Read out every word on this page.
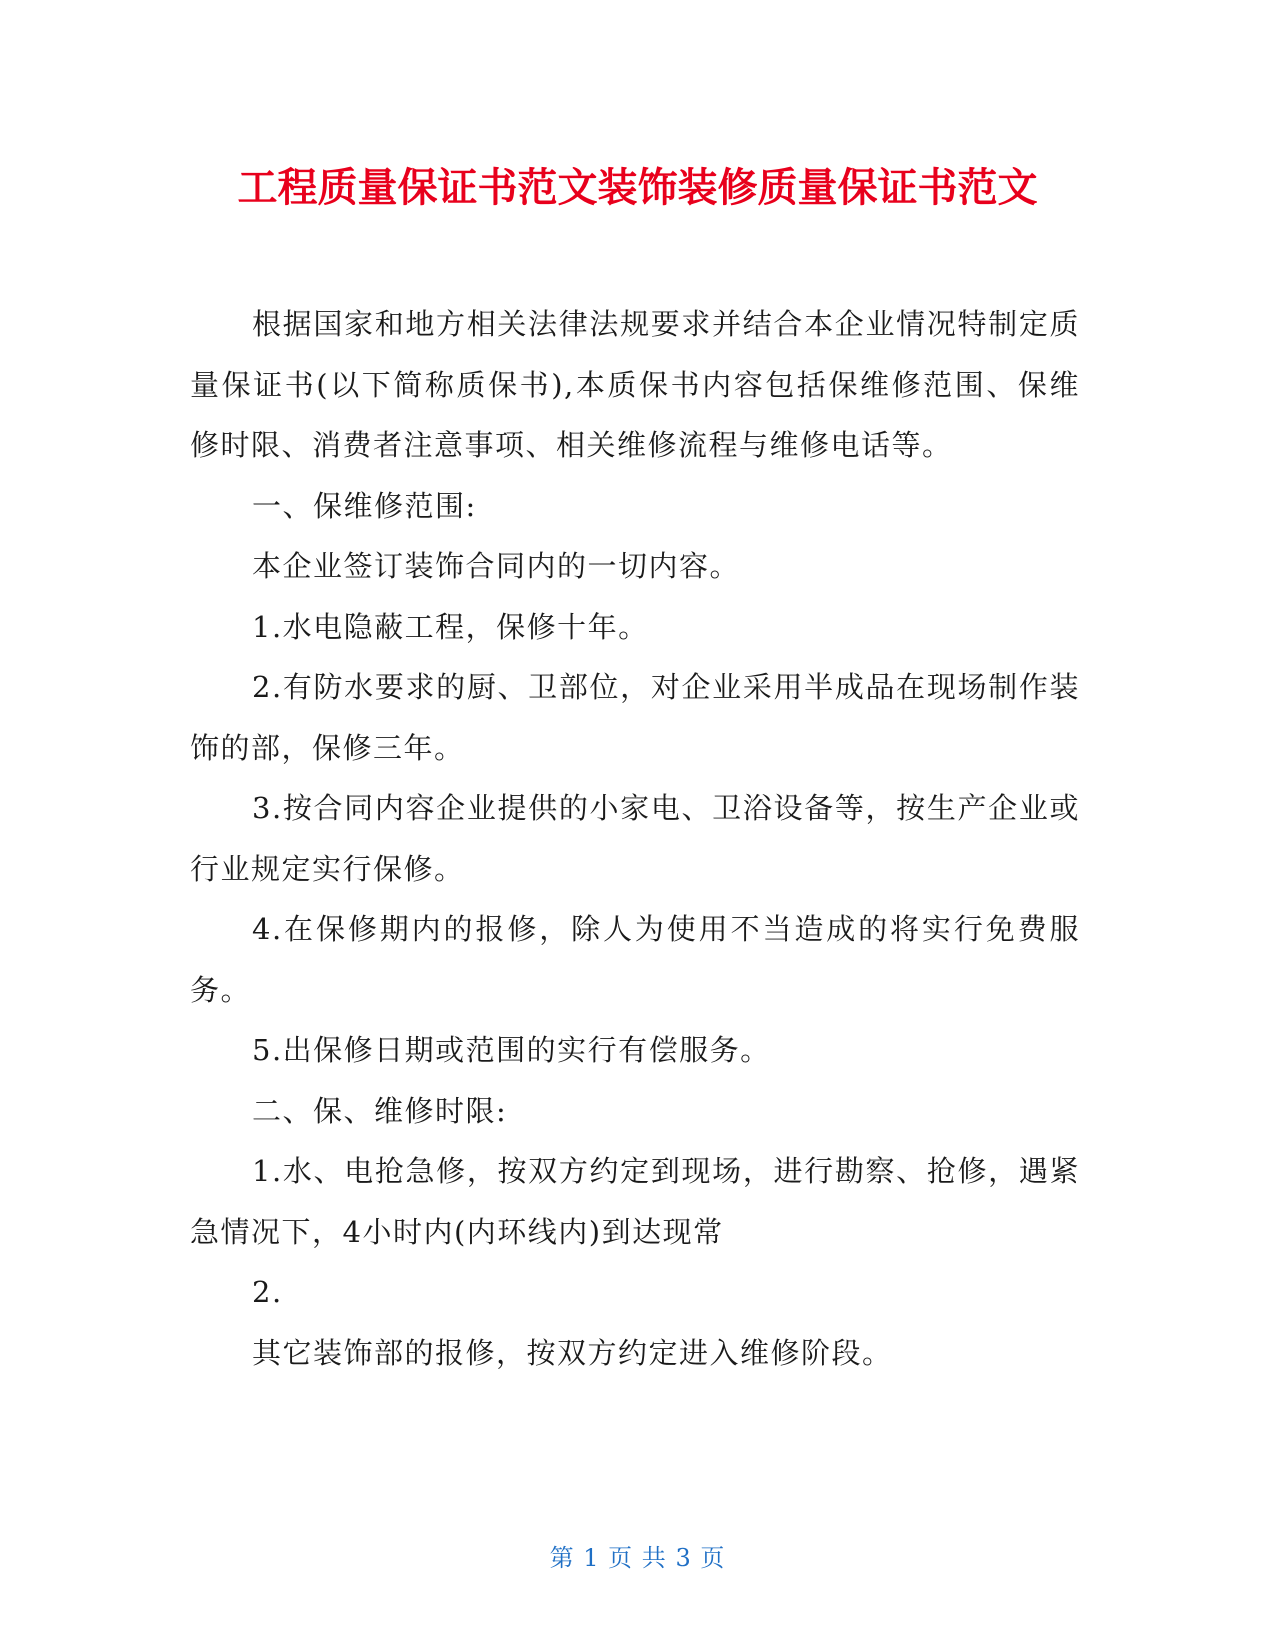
工程质量保证书范文装饰装修质量保证书范文

根据国家和地方相关法律法规要求并结合本企业情况特制定质量保证书(以下简称质保书),本质保书内容包括保维修范围、保维修时限、消费者注意事项、相关维修流程与维修电话等。

一、保维修范围:

本企业签订装饰合同内的一切内容。

1.水电隐蔽工程，保修十年。

2.有防水要求的厨、卫部位，对企业采用半成品在现场制作装饰的部，保修三年。

3.按合同内容企业提供的小家电、卫浴设备等，按生产企业或行业规定实行保修。

4.在保修期内的报修，除人为使用不当造成的将实行免费服务。

5.出保修日期或范围的实行有偿服务。

二、保、维修时限:

1.水、电抢急修，按双方约定到现场，进行勘察、抢修，遇紧急情况下，4小时内(内环线内)到达现常

2.

其它装饰部的报修，按双方约定进入维修阶段。

第 1 页 共 3 页
